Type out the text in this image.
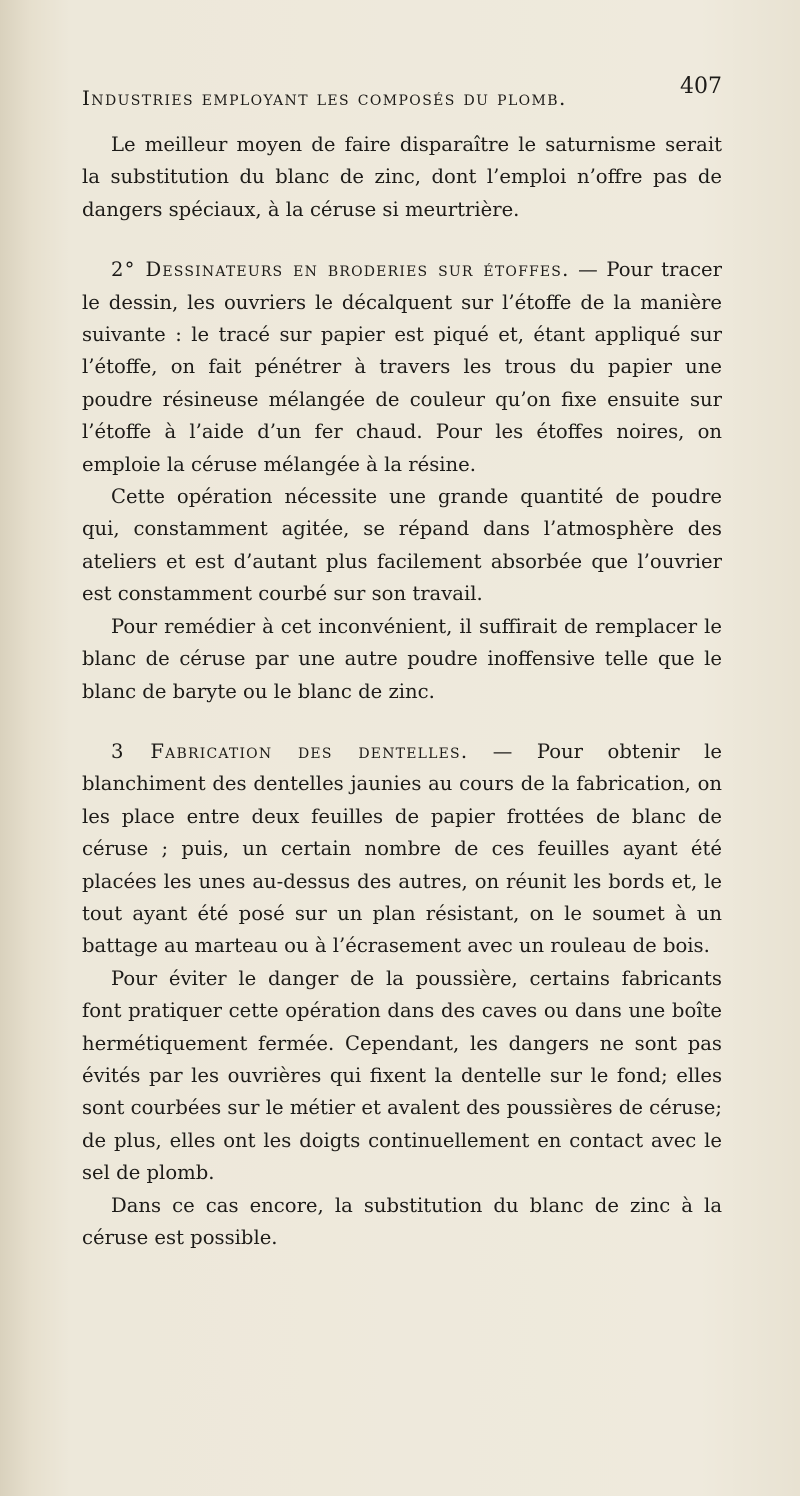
Industries employant les composés du plomb.	407

Le meilleur moyen de faire disparaître le saturnisme serait la substitution du blanc de zinc, dont l’emploi n’offre pas de dangers spéciaux, à la céruse si meurtrière.

2° Dessinateurs en broderies sur étoffes. — Pour tracer le dessin, les ouvriers le décalquent sur l’étoffe de la manière suivante : le tracé sur papier est piqué et, étant appliqué sur l’étoffe, on fait pénétrer à travers les trous du papier une poudre résineuse mélangée de couleur qu’on fixe ensuite sur l’étoffe à l’aide d’un fer chaud. Pour les étoffes noires, on emploie la céruse mélangée à la résine.

Cette opération nécessite une grande quantité de poudre qui, constamment agitée, se répand dans l’atmosphère des ateliers et est d’autant plus facilement absorbée que l’ouvrier est constamment courbé sur son travail.

Pour remédier à cet inconvénient, il suffirait de remplacer le blanc de céruse par une autre poudre inoffensive telle que le blanc de baryte ou le blanc de zinc.

3 Fabrication des dentelles. — Pour obtenir le blanchiment des dentelles jaunies au cours de la fabrication, on les place entre deux feuilles de papier frottées de blanc de céruse ; puis, un certain nombre de ces feuilles ayant été placées les unes au-dessus des autres, on réunit les bords et, le tout ayant été posé sur un plan résistant, on le soumet à un battage au marteau ou à l’écrasement avec un rouleau de bois.

Pour éviter le danger de la poussière, certains fabricants font pratiquer cette opération dans des caves ou dans une boîte hermétiquement fermée. Cependant, les dangers ne sont pas évités par les ouvrières qui fixent la dentelle sur le fond; elles sont courbées sur le métier et avalent des poussières de céruse; de plus, elles ont les doigts continuellement en contact avec le sel de plomb.

Dans ce cas encore, la substitution du blanc de zinc à la céruse est possible.
